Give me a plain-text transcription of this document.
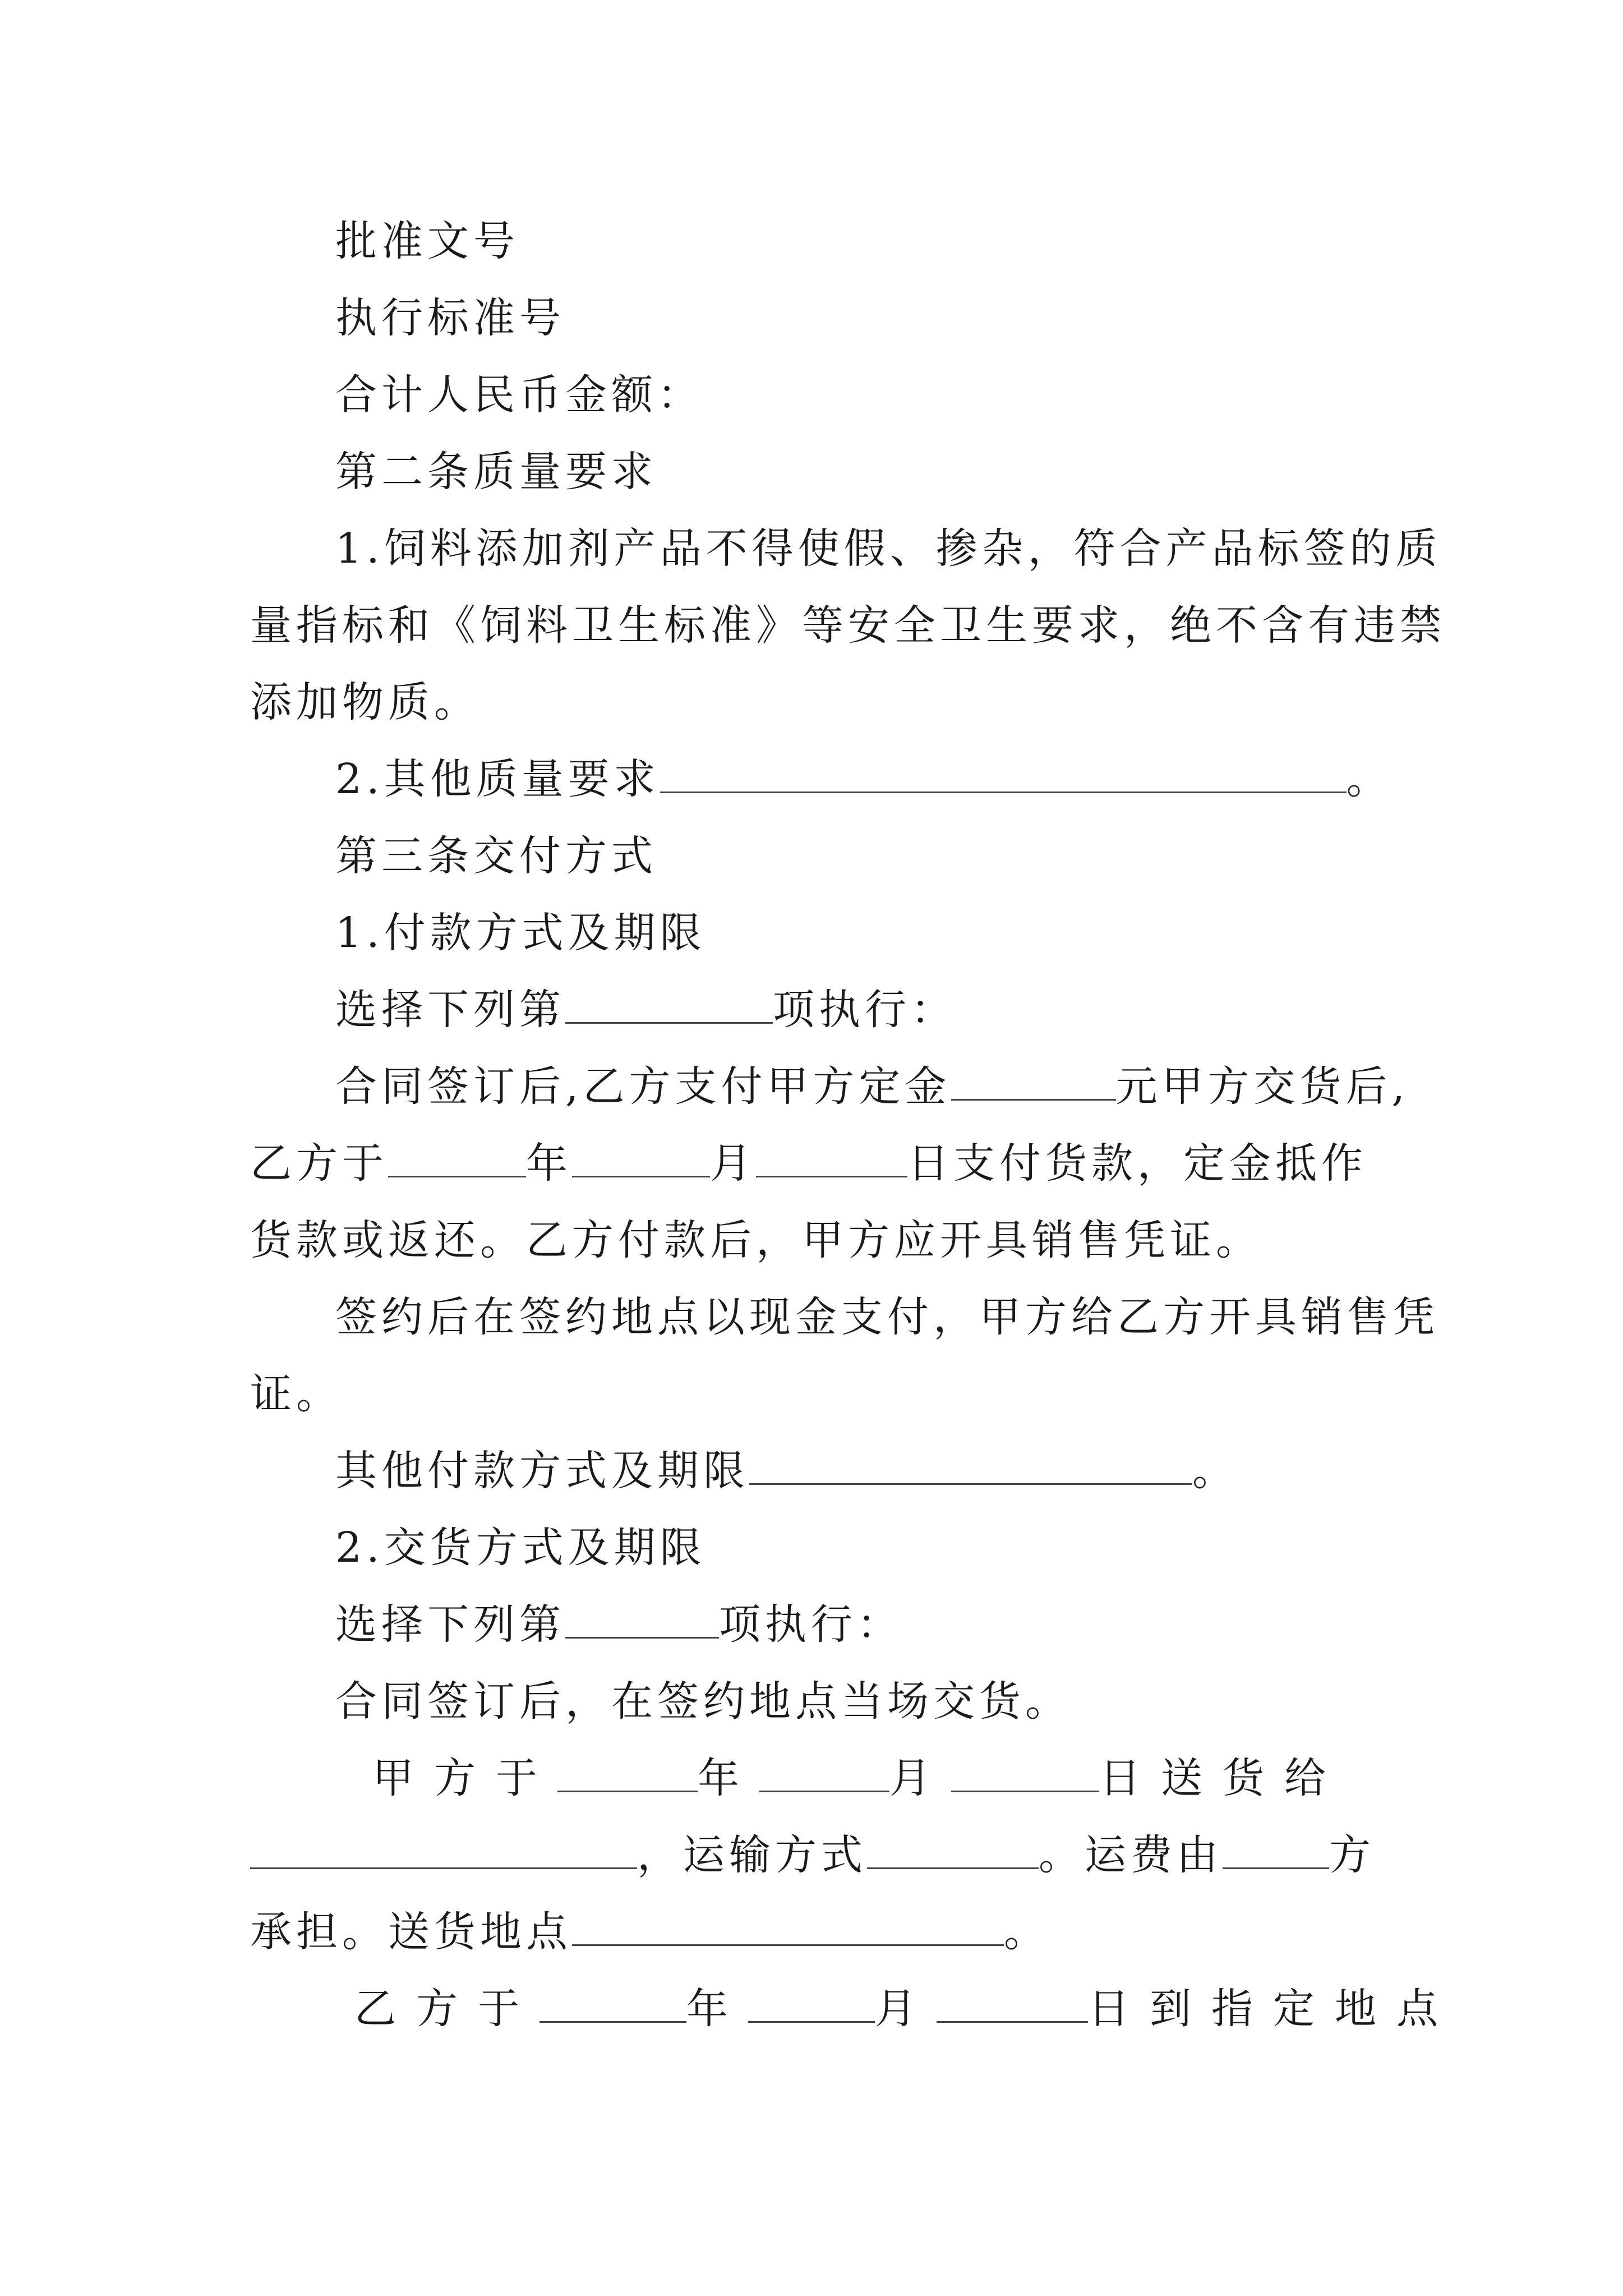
批准文号

执行标准号

合计人民币金额：

第二条质量要求

1.饲料添加剂产品不得使假、掺杂，符合产品标签的质

量指标和《饲料卫生标准》等安全卫生要求，绝不含有违禁

添加物质。

2.其他质量要求	。

第三条交付方式

1.付款方式及期限

选择下列第	项执行：

合同签订后,乙方支付甲方定金	元甲方交货后,

乙方于	年	月	日支付货款，定金抵作

货款或返还。乙方付款后，甲方应开具销售凭证。

签约后在签约地点以现金支付，甲方给乙方开具销售凭

证。

其他付款方式及期限	。

2.交货方式及期限

选择下列第	项执行：

合同签订后，在签约地点当场交货。

甲方于	年	月	日送货给

，运输方式	。运费由	方

承担。送货地点	。

乙方于	年	月	日到指定地点
